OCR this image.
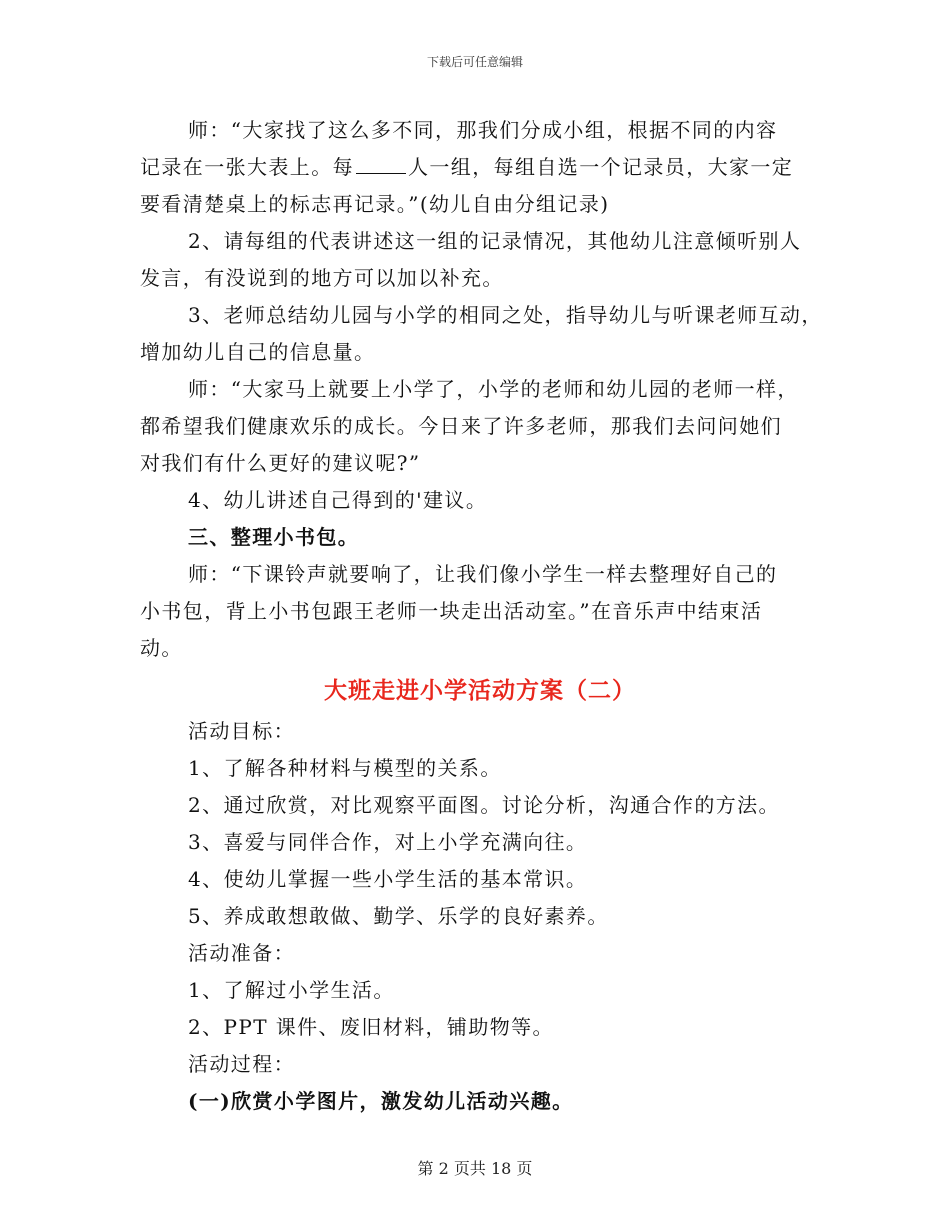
下载后可任意编辑

师：“大家找了这么多不同，那我们分成小组，根据不同的内容

记录在一张大表上。每	人一组，每组自选一个记录员，大家一定

要看清楚桌上的标志再记录。”(幼儿自由分组记录)

2、请每组的代表讲述这一组的记录情况，其他幼儿注意倾听别人

发言，有没说到的地方可以加以补充。

3、老师总结幼儿园与小学的相同之处，指导幼儿与听课老师互动，

增加幼儿自己的信息量。

师：“大家马上就要上小学了，小学的老师和幼儿园的老师一样，

都希望我们健康欢乐的成长。今日来了许多老师，那我们去问问她们

对我们有什么更好的建议呢?”

4、幼儿讲述自己得到的'建议。

三、整理小书包。

师：“下课铃声就要响了，让我们像小学生一样去整理好自己的

小书包，背上小书包跟王老师一块走出活动室。”在音乐声中结束活

动。

大班走进小学活动方案（二）

活动目标：

1、了解各种材料与模型的关系。

2、通过欣赏，对比观察平面图。讨论分析，沟通合作的方法。

3、喜爱与同伴合作，对上小学充满向往。

4、使幼儿掌握一些小学生活的基本常识。

5、养成敢想敢做、勤学、乐学的良好素养。

活动准备：

1、了解过小学生活。

2、PPT 课件、废旧材料，铺助物等。

活动过程：

(一)欣赏小学图片，激发幼儿活动兴趣。

第 2 页共 18 页
